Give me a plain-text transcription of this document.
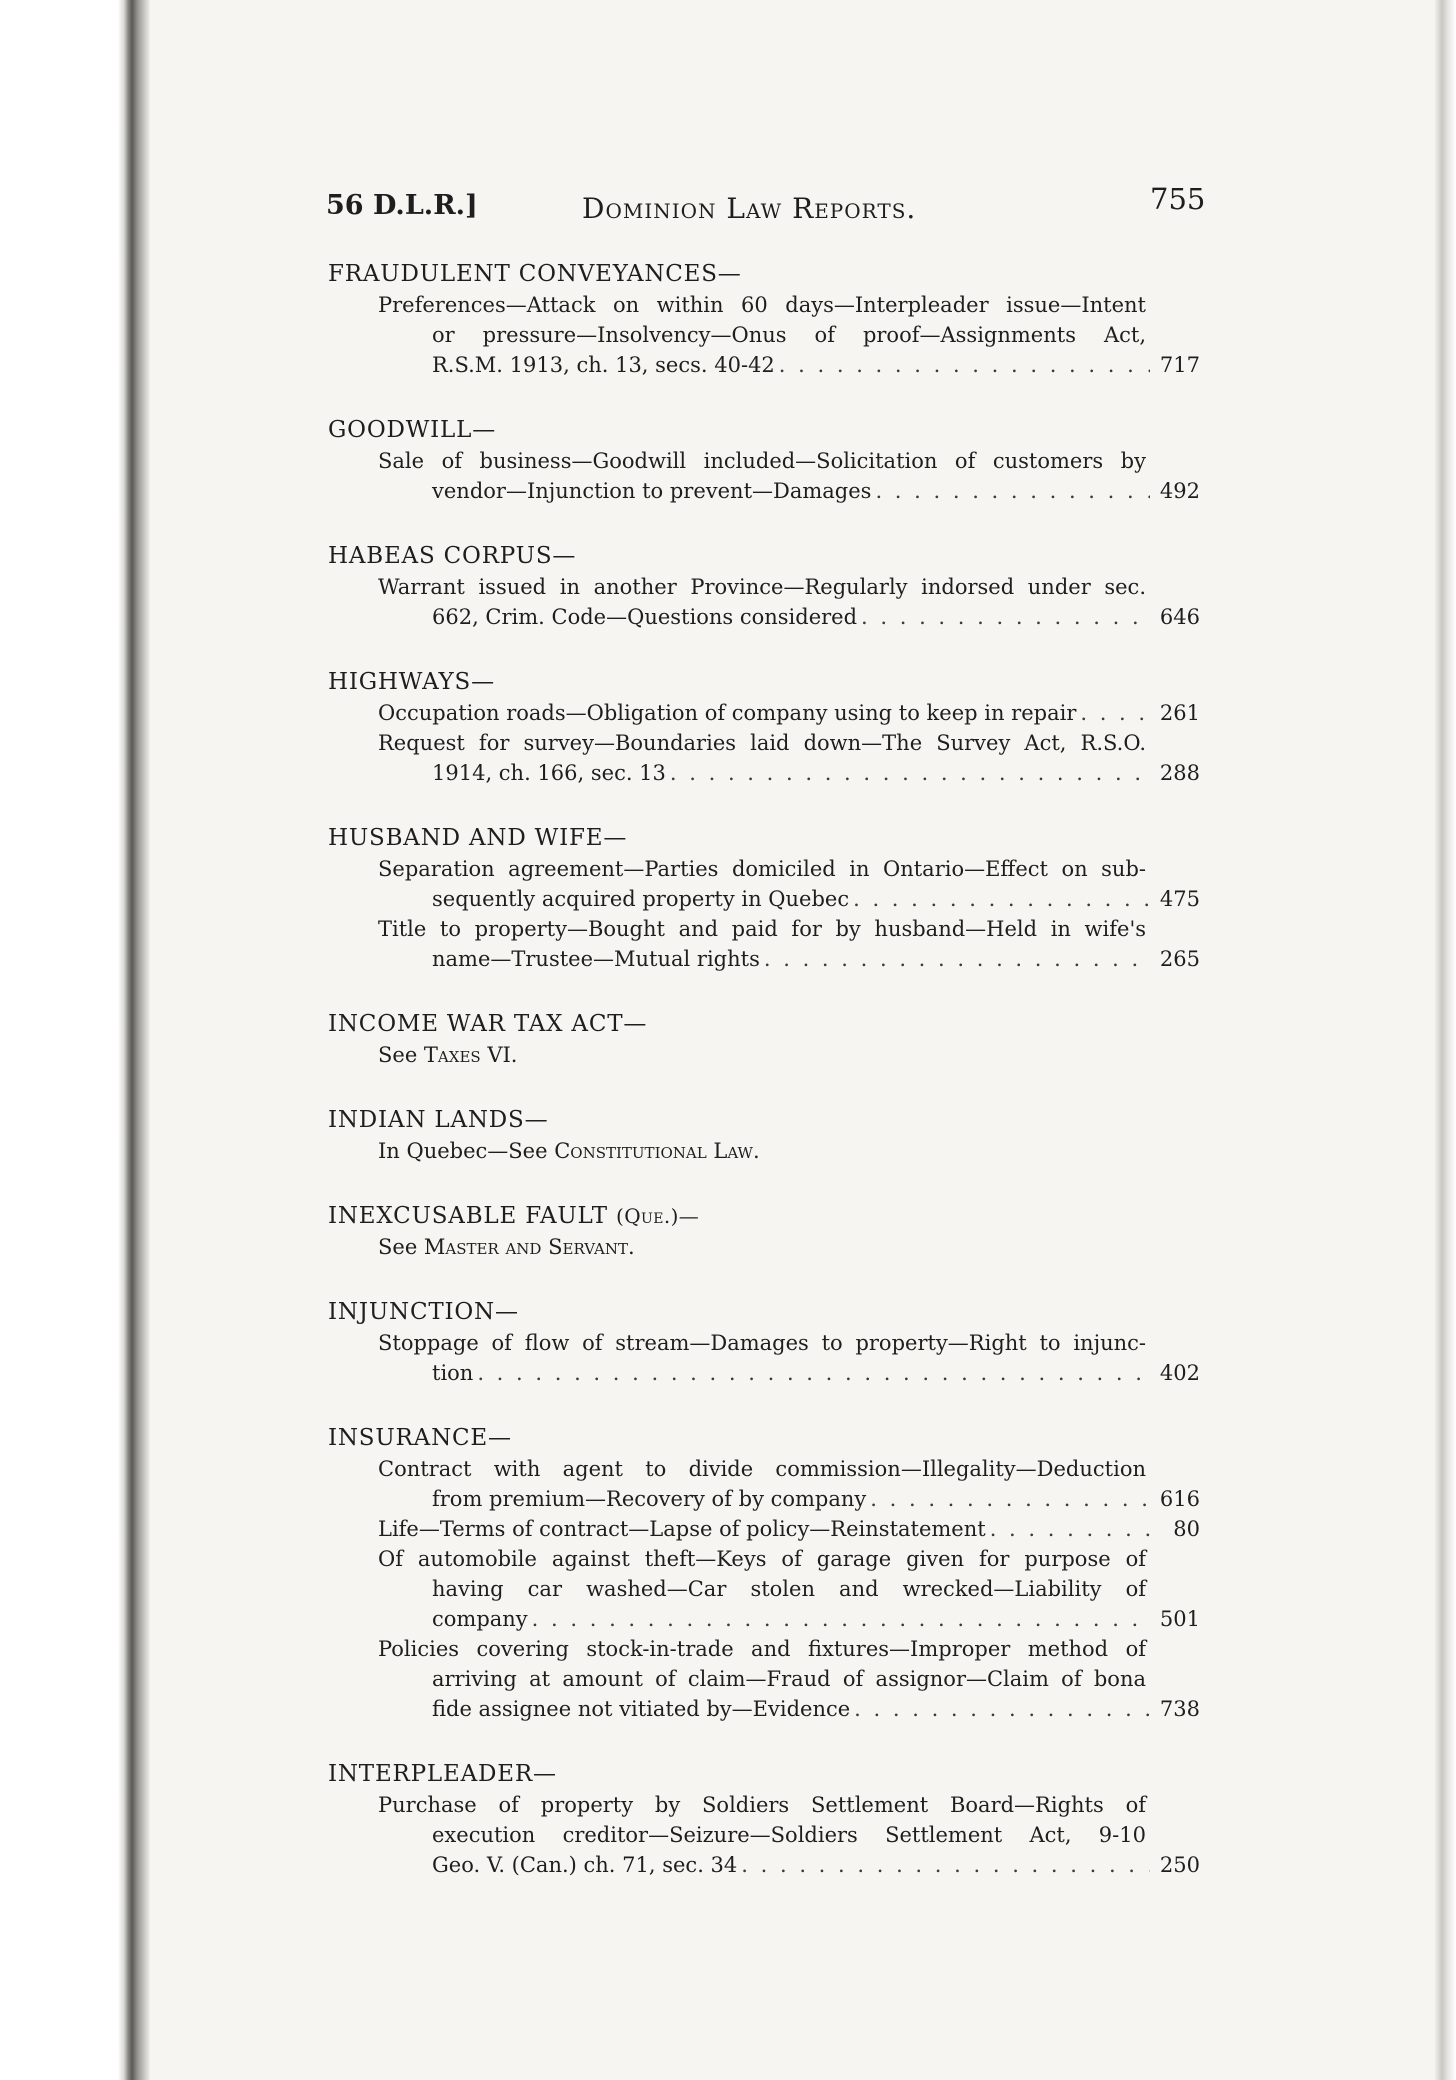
56 D.L.R.]	Dominion Law Reports.	755
FRAUDULENT CONVEYANCES—
Preferences—Attack on within 60 days—Interpleader issue—Intent
or pressure—Insolvency—Onus of proof—Assignments Act,
R.S.M. 1913, ch. 13, secs. 40-42 . . .	717
GOODWILL—
Sale of business—Goodwill included—Solicitation of customers by
vendor—Injunction to prevent—Damages . . .	492
HABEAS CORPUS—
Warrant issued in another Province—Regularly indorsed under sec.
662, Crim. Code—Questions considered . . .	646
HIGHWAYS—
Occupation roads—Obligation of company using to keep in repair . . .	261
Request for survey—Boundaries laid down—The Survey Act, R.S.O.
1914, ch. 166, sec. 13 . . .	288
HUSBAND AND WIFE—
Separation agreement—Parties domiciled in Ontario—Effect on sub-
sequently acquired property in Quebec . . .	475
Title to property—Bought and paid for by husband—Held in wife's
name—Trustee—Mutual rights . . .	265
INCOME WAR TAX ACT—
See Taxes VI.
INDIAN LANDS—
In Quebec—See Constitutional Law.
INEXCUSABLE FAULT (Que.)—
See Master and Servant.
INJUNCTION—
Stoppage of flow of stream—Damages to property—Right to injunc-
tion . . .	402
INSURANCE—
Contract with agent to divide commission—Illegality—Deduction
from premium—Recovery of by company . . .	616
Life—Terms of contract—Lapse of policy—Reinstatement . . .	80
Of automobile against theft—Keys of garage given for purpose of
having car washed—Car stolen and wrecked—Liability of
company . . .	501
Policies covering stock-in-trade and fixtures—Improper method of
arriving at amount of claim—Fraud of assignor—Claim of bona
fide assignee not vitiated by—Evidence . . .	738
INTERPLEADER—
Purchase of property by Soldiers Settlement Board—Rights of
execution creditor—Seizure—Soldiers Settlement Act, 9-10
Geo. V. (Can.) ch. 71, sec. 34 . . .	250
